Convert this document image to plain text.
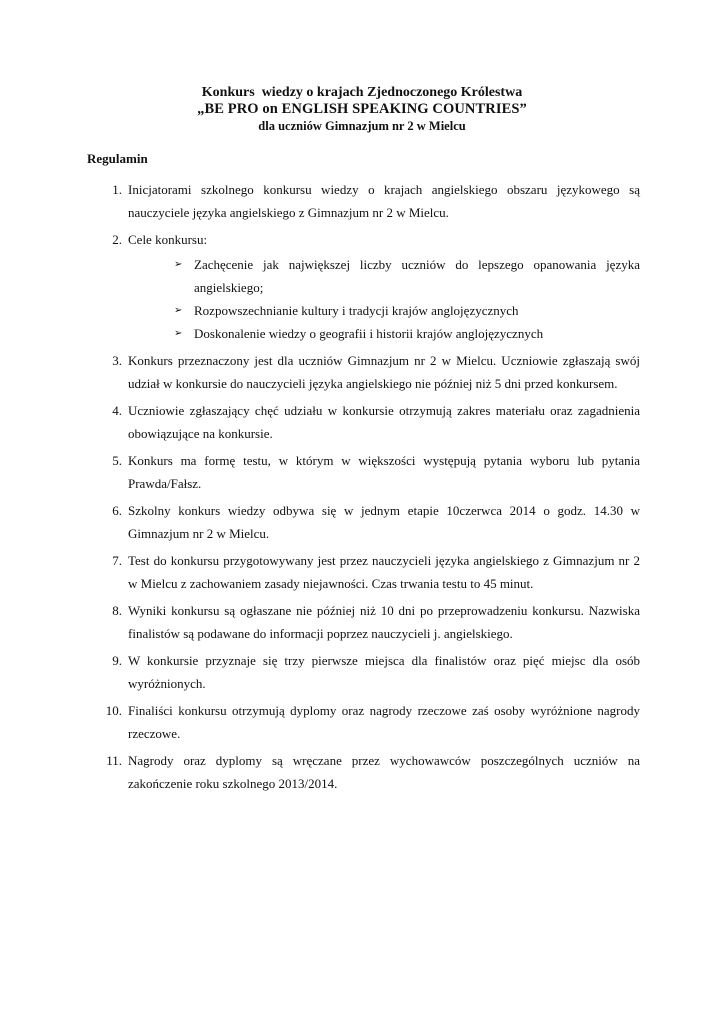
Konkurs  wiedzy o krajach Zjednoczonego Królestwa
„BE PRO on ENGLISH SPEAKING COUNTRIES”
dla uczniów Gimnazjum nr 2 w Mielcu
Regulamin
1. Inicjatorami szkolnego konkursu wiedzy o krajach angielskiego obszaru językowego są nauczyciele języka angielskiego z Gimnazjum nr 2 w Mielcu.
2. Cele konkursu:
➢ Zachęcenie jak największej liczby uczniów do lepszego opanowania języka angielskiego;
➢ Rozpowszechnianie kultury i tradycji krajów anglojęzycznych
➢ Doskonalenie wiedzy o geografii i historii krajów anglojęzycznych
3. Konkurs przeznaczony jest dla uczniów Gimnazjum nr 2 w Mielcu. Uczniowie zgłaszają swój udział w konkursie do nauczycieli języka angielskiego nie później niż 5 dni przed konkursem.
4. Uczniowie zgłaszający chęć udziału w konkursie otrzymują zakres materiału oraz zagadnienia obowiązujące na konkursie.
5. Konkurs ma formę testu, w którym w większości występują pytania wyboru lub pytania Prawda/Fałsz.
6. Szkolny konkurs wiedzy odbywa się w jednym etapie 10czerwca 2014 o godz. 14.30 w Gimnazjum nr 2 w Mielcu.
7. Test do konkursu przygotowywany jest przez nauczycieli języka angielskiego z Gimnazjum nr 2 w Mielcu z zachowaniem zasady niejawności. Czas trwania testu to 45 minut.
8. Wyniki konkursu są ogłaszane nie później niż 10 dni po przeprowadzeniu konkursu. Nazwiska finalistów są podawane do informacji poprzez nauczycieli j. angielskiego.
9. W konkursie przyznaje się trzy pierwsze miejsca dla finalistów oraz pięć miejsc dla osób wyróżnionych.
10. Finaliści konkursu otrzymują dyplomy oraz nagrody rzeczowe zaś osoby wyróżnione nagrody rzeczowe.
11. Nagrody oraz dyplomy są wręczane przez wychowawców poszczególnych uczniów na zakończenie roku szkolnego 2013/2014.
